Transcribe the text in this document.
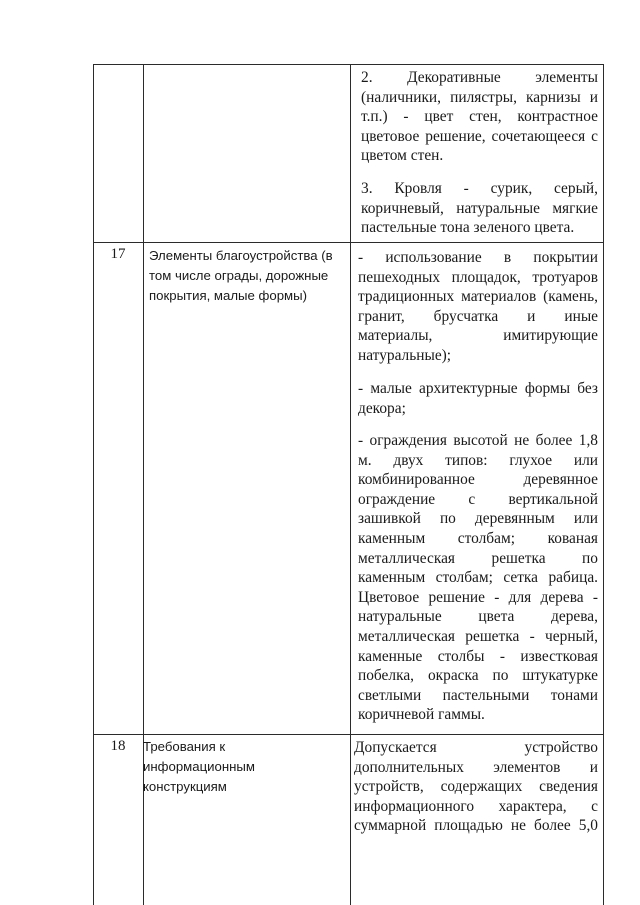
2. Декоративные элементы (наличники, пилястры, карнизы и т.п.) - цвет стен, контрастное цветовое решение, сочетающееся с цветом стен.
3. Кровля - сурик, серый, коричневый, натуральные мягкие пастельные тона зеленого цвета.
17	Элементы благоустройства (в том числе ограды, дорожные покрытия, малые формы)
- использование в покрытии пешеходных площадок, тротуаров традиционных материалов (камень, гранит, брусчатка и иные материалы, имитирующие натуральные);
- малые архитектурные формы без декора;
- ограждения высотой не более 1,8 м. двух типов: глухое или комбинированное деревянное ограждение с вертикальной зашивкой по деревянным или каменным столбам; кованая металлическая решетка по каменным столбам; сетка рабица. Цветовое решение - для дерева - натуральные цвета дерева, металлическая решетка - черный, каменные столбы - известковая побелка, окраска по штукатурке светлыми пастельными тонами коричневой гаммы.
18	Требования к информационным конструкциям
Допускается устройство дополнительных элементов и устройств, содержащих сведения информационного характера, с суммарной площадью не более 5,0
